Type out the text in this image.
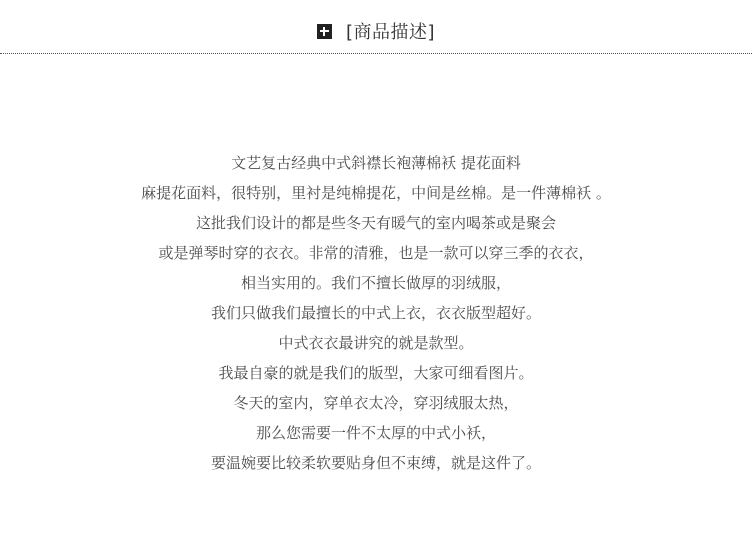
[商品描述]
文艺复古经典中式斜襟长袍薄棉袄 提花面料
麻提花面料，很特别，里衬是纯棉提花，中间是丝棉。是一件薄棉袄 。
这批我们设计的都是些冬天有暖气的室内喝茶或是聚会
或是弹琴时穿的衣衣。非常的清雅，也是一款可以穿三季的衣衣，
相当实用的。我们不擅长做厚的羽绒服，
我们只做我们最擅长的中式上衣，衣衣版型超好。
中式衣衣最讲究的就是款型。
我最自豪的就是我们的版型，大家可细看图片。
冬天的室内，穿单衣太冷，穿羽绒服太热，
那么您需要一件不太厚的中式小袄，
要温婉要比较柔软要贴身但不束缚，就是这件了。
